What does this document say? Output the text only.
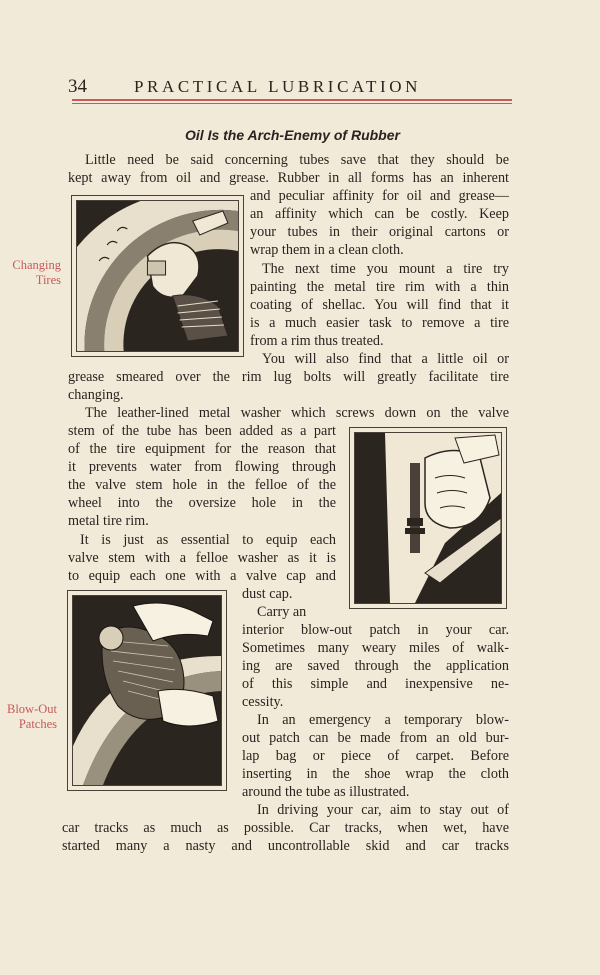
34	PRACTICAL LUBRICATION
Oil Is the Arch-Enemy of Rubber
Changing
Tires
Blow-Out
Patches
Little need be said concerning tubes save that they should be
kept away from oil and grease. Rubber in all forms has an inherent
and peculiar affinity for oil and grease—
an affinity which can be costly. Keep
your tubes in their original cartons or
wrap them in a clean cloth.
The next time you mount a tire try
painting the metal tire rim with a thin
coating of shellac. You will find that it
is a much easier task to remove a tire
from a rim thus treated.
You will also find that a little oil or
grease smeared over the rim lug bolts will greatly facilitate tire
changing.
The leather-lined metal washer which screws down on the valve
stem of the tube has been added as a part
of the tire equipment for the reason that
it prevents water from flowing through
the valve stem hole in the felloe of the
wheel into the oversize hole in the
metal tire rim.
It is just as essential to equip each
valve stem with a felloe washer as it is
to equip each one with a valve cap and
dust cap.
Carry an
interior blow-out patch in your car.
Sometimes many weary miles of walk-
ing are saved through the application
of this simple and inexpensive ne-
cessity.
In an emergency a temporary blow-
out patch can be made from an old bur-
lap bag or piece of carpet. Before
inserting in the shoe wrap the cloth
around the tube as illustrated.
In driving your car, aim to stay out of
car tracks as much as possible. Car tracks, when wet, have
started many a nasty and uncontrollable skid and car tracks
